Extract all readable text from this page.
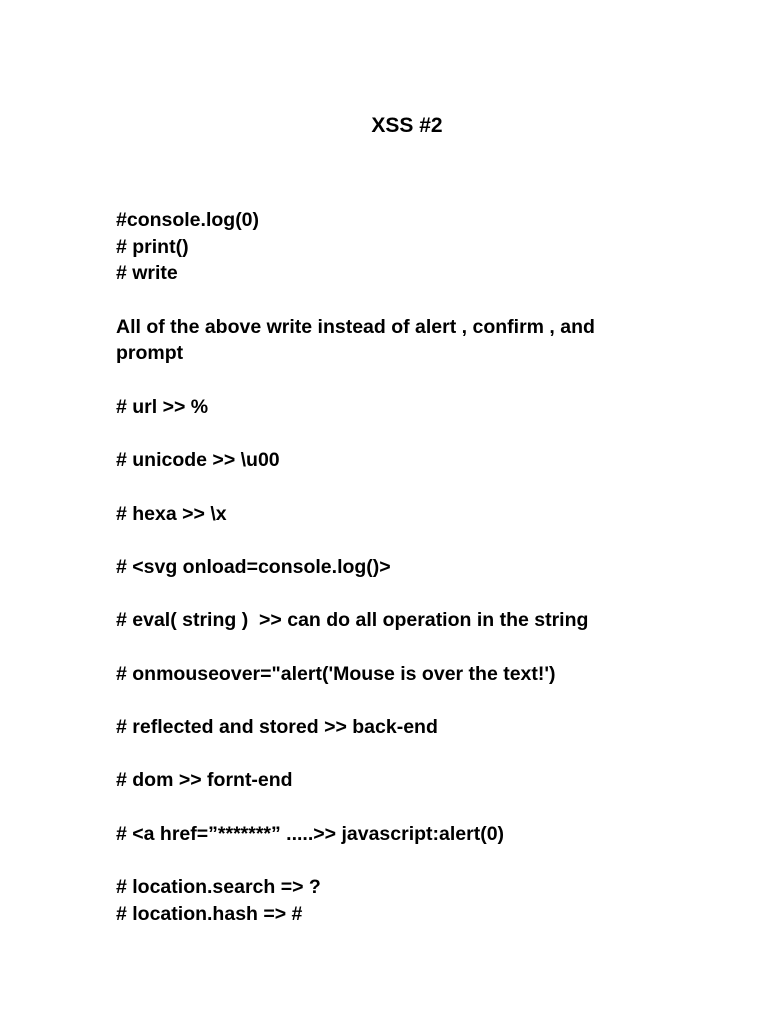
XSS #2
#console.log(0)
# print()
# write
All of the above write instead of alert , confirm , and
prompt
# url >> %
# unicode >> \u00
# hexa >> \x
# <svg onload=console.log()>
# eval( string )  >> can do all operation in the string
# onmouseover="alert('Mouse is over the text!')
# reflected and stored >> back-end
# dom >> fornt-end
# <a href=”*******” .....>> javascript:alert(0)
# location.search => ?
# location.hash => #
